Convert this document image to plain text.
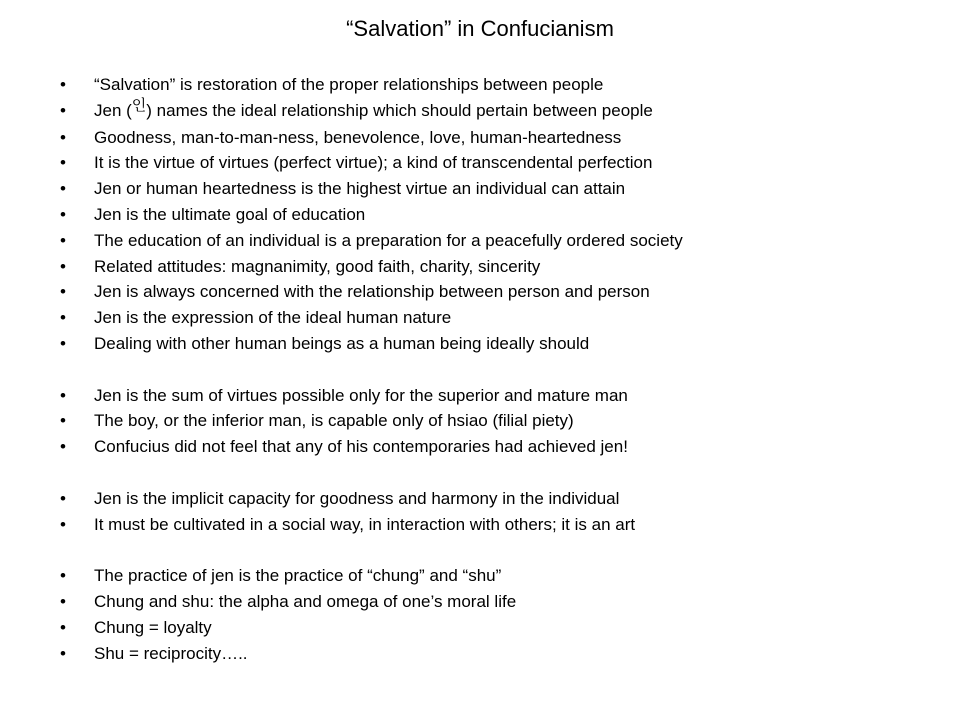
“Salvation” in Confucianism
• “Salvation” is restoration of the proper relationships between people
• Jen (인) names the ideal relationship which should pertain between people
• Goodness, man-to-man-ness, benevolence, love, human-heartedness
• It is the virtue of virtues (perfect virtue); a kind of transcendental perfection
• Jen or human heartedness is the highest virtue an individual can attain
• Jen is the ultimate goal of education
• The education of an individual is a preparation for a peacefully ordered society
• Related attitudes: magnanimity, good faith, charity, sincerity
• Jen is always concerned with the relationship between person and person
• Jen is the expression of the ideal human nature
• Dealing with other human beings as a human being ideally should
• Jen is the sum of virtues possible only for the superior and mature man
• The boy, or the inferior man, is capable only of hsiao (filial piety)
• Confucius did not feel that any of his contemporaries had achieved jen!
• Jen is the implicit capacity for goodness and harmony in the individual
• It must be cultivated in a social way, in interaction with others; it is an art
• The practice of jen is the practice of “chung” and “shu”
• Chung and shu: the alpha and omega of one’s moral life
• Chung = loyalty
• Shu = reciprocity…..
